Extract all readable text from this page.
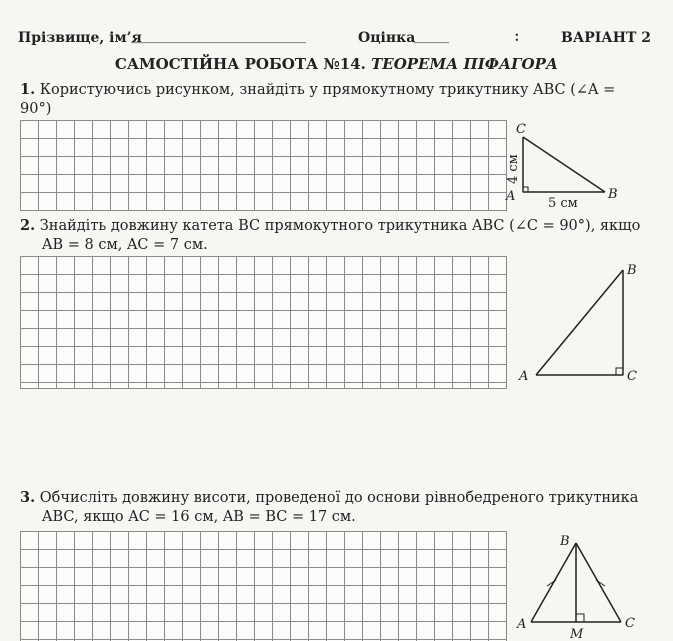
Прізвище, ім’я
_________________________	Оцінка
_____	∶	ВАРІАНТ 2
САМОСТІЙНА РОБОТА №14. ТЕОРЕМА ПІФАГОРА
1. Користуючись рисунком, знайдіть у прямокутному трикутнику ABC (∠A = 90°)
C
A	B
4 см
5 см
2. Знайдіть довжину катета BC прямокутного трикутника ABC (∠C = 90°), якщо
AB = 8 см, AC = 7 см.
B
A	C
3. Обчисліть довжину висоти, проведеної до основи рівнобедреного трикутника
ABC, якщо AC = 16 см, AB = BC = 17 см.
B
A	C
M
